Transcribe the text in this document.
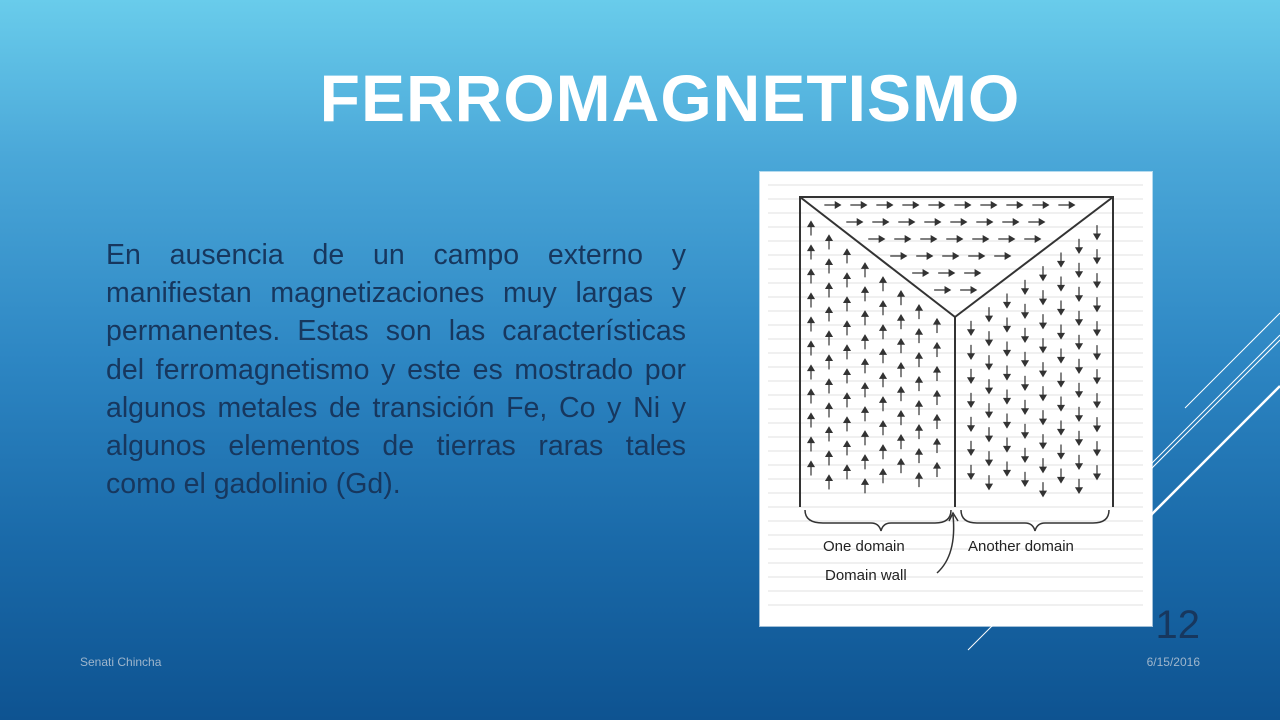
FERROMAGNETISMO

En ausencia de un campo externo y manifiestan magnetizaciones muy largas y permanentes. Estas son las características del ferromagnetismo y este es mostrado por algunos metales de transición Fe, Co y Ni y algunos elementos de tierras raras tales como el gadolinio (Gd).

One domain	Another domain
Domain wall
12
Senati Chincha	6/15/2016
